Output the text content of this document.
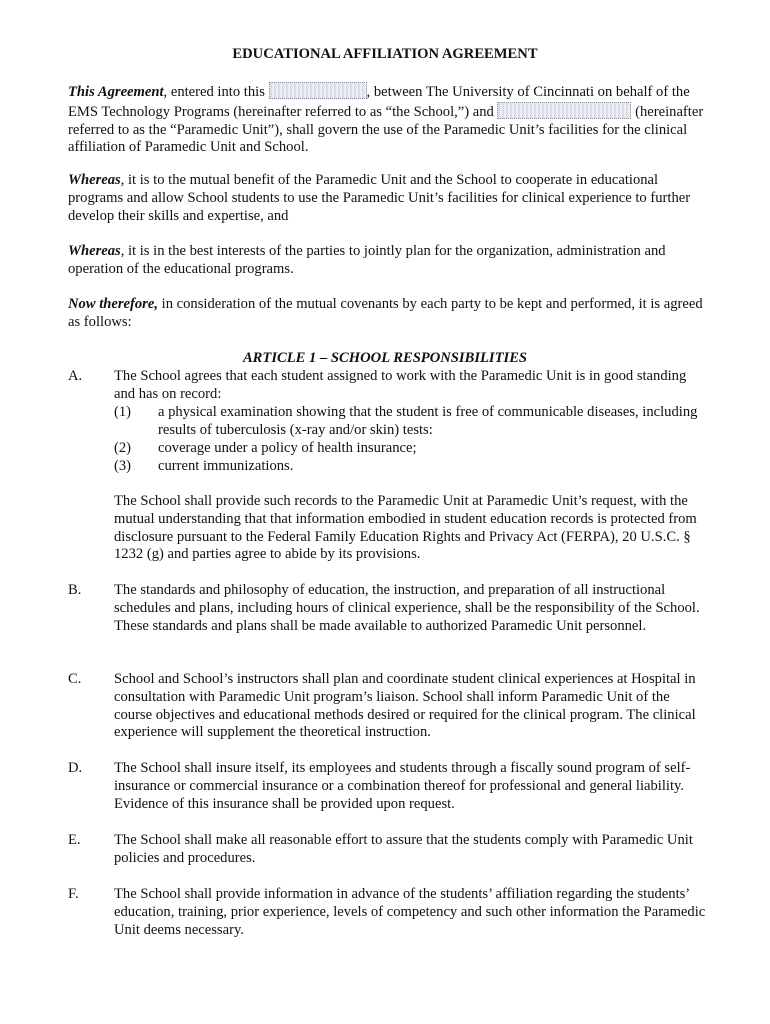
EDUCATIONAL AFFILIATION AGREEMENT
This Agreement, entered into this	, between The University of Cincinnati on behalf of the EMS Technology Programs (hereinafter referred to as “the School,”) and	(hereinafter referred to as the “Paramedic Unit”), shall govern the use of the Paramedic Unit’s facilities for the clinical affiliation of Paramedic Unit and School.
Whereas, it is to the mutual benefit of the Paramedic Unit and the School to cooperate in educational programs and allow School students to use the Paramedic Unit’s facilities for clinical experience to further develop their skills and expertise, and
Whereas, it is in the best interests of the parties to jointly plan for the organization, administration and operation of the educational programs.
Now therefore, in consideration of the mutual covenants by each party to be kept and performed, it is agreed as follows:
ARTICLE 1 – SCHOOL RESPONSIBILITIES
A.	The School agrees that each student assigned to work with the Paramedic Unit is in good standing and has on record:
(1)	a physical examination showing that the student is free of communicable diseases, including results of tuberculosis (x-ray and/or skin) tests:
(2)	coverage under a policy of health insurance;
(3)	current immunizations.
The School shall provide such records to the Paramedic Unit at Paramedic Unit’s request, with the mutual understanding that that information embodied in student education records is protected from disclosure pursuant to the Federal Family Education Rights and Privacy Act (FERPA), 20 U.S.C. § 1232 (g) and parties agree to abide by its provisions.
B.	The standards and philosophy of education, the instruction, and preparation of all instructional schedules and plans, including hours of clinical experience, shall be the responsibility of the School. These standards and plans shall be made available to authorized Paramedic Unit personnel.
C.	School and School’s instructors shall plan and coordinate student clinical experiences at Hospital in consultation with Paramedic Unit program’s liaison. School shall inform Paramedic Unit of the course objectives and educational methods desired or required for the clinical program. The clinical experience will supplement the theoretical instruction.
D.	The School shall insure itself, its employees and students through a fiscally sound program of self-insurance or commercial insurance or a combination thereof for professional and general liability. Evidence of this insurance shall be provided upon request.
E.	The School shall make all reasonable effort to assure that the students comply with Paramedic Unit policies and procedures.
F.	The School shall provide information in advance of the students’ affiliation regarding the students’ education, training, prior experience, levels of competency and such other information the Paramedic Unit deems necessary.
